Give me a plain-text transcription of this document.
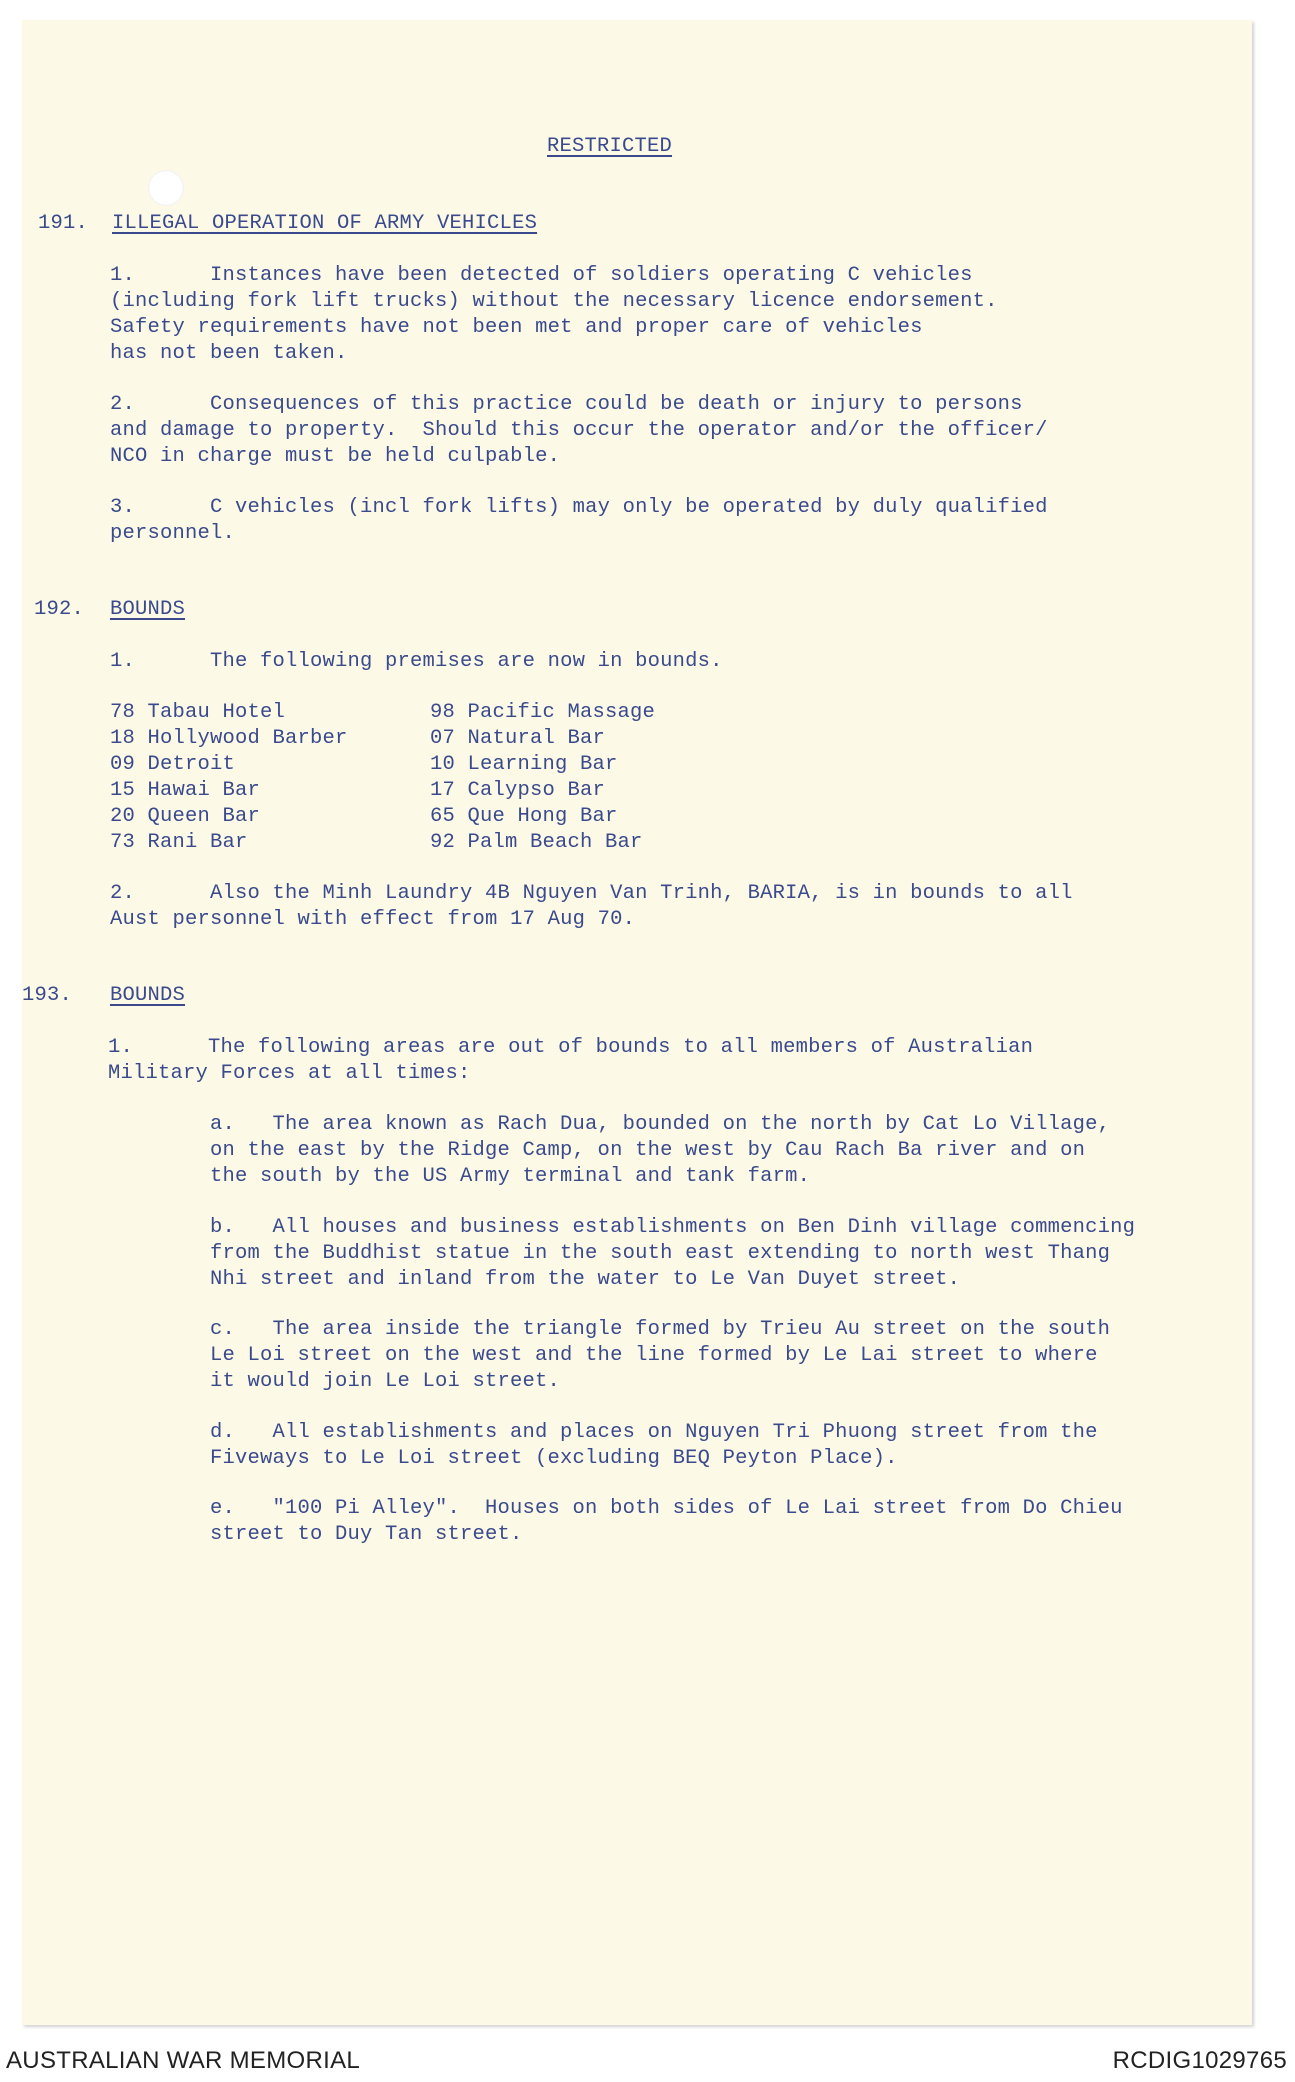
RESTRICTED
191. ILLEGAL OPERATION OF ARMY VEHICLES
1.      Instances have been detected of soldiers operating C vehicles
(including fork lift trucks) without the necessary licence endorsement.
Safety requirements have not been met and proper care of vehicles
has not been taken.
2.      Consequences of this practice could be death or injury to persons
and damage to property.  Should this occur the operator and/or the officer/
NCO in charge must be held culpable.
3.      C vehicles (incl fork lifts) may only be operated by duly qualified
personnel.
192. BOUNDS
1.      The following premises are now in bounds.
78 Tabau Hotel
18 Hollywood Barber
09 Detroit
15 Hawai Bar
20 Queen Bar
73 Rani Bar
98 Pacific Massage
07 Natural Bar
10 Learning Bar
17 Calypso Bar
65 Que Hong Bar
92 Palm Beach Bar
2.      Also the Minh Laundry 4B Nguyen Van Trinh, BARIA, is in bounds to all
Aust personnel with effect from 17 Aug 70.
193. BOUNDS
1.      The following areas are out of bounds to all members of Australian
Military Forces at all times:
a.   The area known as Rach Dua, bounded on the north by Cat Lo Village,
on the east by the Ridge Camp, on the west by Cau Rach Ba river and on
the south by the US Army terminal and tank farm.
b.   All houses and business establishments on Ben Dinh village commencing
from the Buddhist statue in the south east extending to north west Thang
Nhi street and inland from the water to Le Van Duyet street.
c.   The area inside the triangle formed by Trieu Au street on the south
Le Loi street on the west and the line formed by Le Lai street to where
it would join Le Loi street.
d.   All establishments and places on Nguyen Tri Phuong street from the
Fiveways to Le Loi street (excluding BEQ Peyton Place).
e.   "100 Pi Alley".  Houses on both sides of Le Lai street from Do Chieu
street to Duy Tan street.
AUSTRALIAN WAR MEMORIAL	RCDIG1029765
